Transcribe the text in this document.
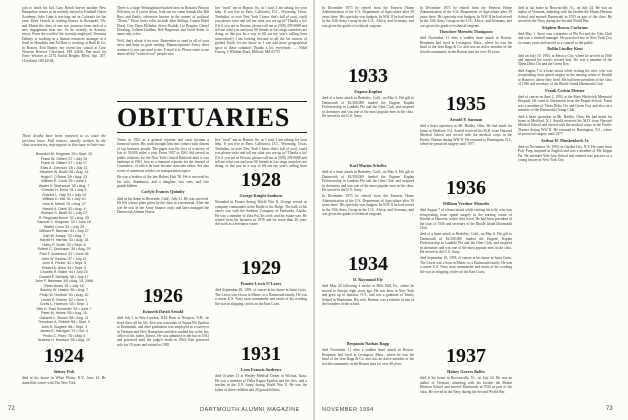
join to teach his kid. Cary Rosch braves another New Hampshire winter as he recently moved to Kimball Union Academy; Julie Lane is teaching out in Colorado for the year; Dave Ostroff is crafting history in Rowaudd, VA; and Mount the class of one two journeys from each of a new engagement hear me. As he sweetly, in Scooter, envys. From the world of the recently employed, Veronica Dahney is working as a human resources manager at a hotel in Honolulu and Ed Hart is working at Bath & Co. in Boston. Erin Hanley her recent law school at Case Western Reserve Cleveland, OH 44106. Fan mail for Ernie Witcher at 2174 Euclid Heights Blvd., Apt. 207, Cleveland, OH 44106.

There is a large Westinghouse-backed area in Boston's Beacon Hill area, so if you're down, look out for some friends like Bill Rust and Emily, otherwise known in the names of political "Dorm." Those lucky folks include John Stirling, Caspar Hotel Doral, Grrr, Dave McIndoe, Steve Doulde, Liz Bragner, Cheryl Doraling, Colleen Lindbus, Deb Hagstrom, and Geoff Sethe, to name only a few.

Well, that's about it for now. Remember to send in all of your news and keep in good writing. Manuscriptions! Every other sentence is you can send to me. E-mail it to. Please write to me about all the "wicked cool" people who

live "rural" me in Boston. So, as I said, I am asking for your help. If you live in Paris, California, D.C., Wyoming, Texas, Timbuktu, or over New York I know that's full of you), could you please write and tell me what you are up to? Thanks a lot! (Or if you are in Boston, please call me at (508) 478-0088 and tell me what you and your 90 friends in Las sings ourselves are doing, as this just be a way to fill out my year's calling from somewhere!) I am looking forward to all the far corners of grafted Earth, let me know so I can add more geographical spice to these columns! Thanks a lot, everybody. — Nihal Farooq, 1 Whittier Road, Milford, MA 01757

OBITUARIES

These deaths have been reported to us since the previous issue. Full notices, usually written by the class secretaries, may appear in this issue or later one.

Benedict M. Kingman '26 • Sept. 20
Frank W. Gilbert '27 • July 19
Frank M. Gilbert '27 • July 17
Elias A. Johnson '28 • July 21
Stephen W. Budd '28 • Aug. 14
Hugh F. O'Brien '29 • Aug. 23
William R. Cook '29 • June 1
Walter V. Sherwood '30 • Aug. 7
Chester H. Ernst '31 • July 9
Charles L. Hay '31 • July 14
William D. Mix '31 • July 10
John A. Merrill '31 • Aug. 27
Harold A. Diehl '32 • Aug. 4
Richard S. Beall '32 • July 27
R. Reginald Burch '32 • Aug. 25
Samuel C. Kingman '32 • June 16
Walter Conn '33 • July 29
William P. Norman '33 • July 27
Carl W. Knapp '33 • Aug. 7
Harold H. Harriss '33 • Aug. 18
Harry P. Smith '33 • Sept. 6
Robert C. Dickinson '35 • Aug. 25
Paul F. Anderson '37 • June 28
John W. Barlow '37 • July 21
John S. Parker '42 • Sept. 5
Robert A. Allen '44 • Sept. 3
Charles R. Balch '44 • July 23
Donald F. McNally '46 • July 17
John P. Newman '49 • Aug. 15, 1998
Peter Ames '51 • July 14
Stanley W. Haskin '51 • Aug. 7
Philip W. Hurlburt '51 • Aug. 10
Lester E. Ramer '52 • June 1
Curtis L. Harrison '53 • Sept. 1
Otto K. Paul Schueller '55 • June 7
Peter M. Helms '55 • Aug. 15
Gardner L. Brown '58 • Aug. 11
Theodore A. Pribble '66 • Sept. 9
John H. Bugbee '68 • Sept. 3
James E. Harrigan '74 • Oct. 4
Pedro C. Paez '76 • May 4
Andrew H. Knutson '93 • Aug. 19
1924
Sidney Fish

died at his house in White Plains, N.Y., June 14. He started his career with The New York

Times in 1925 as a general reporter and soon became a financial writer. His work brought him into contact with dozens of top business people. The paper was the first of a survey of lots of 50,000 miles a year. From 1937 to 1961 Sid served as public relations for the New York Central Railroad until it was bankrupt in 1961, first as a financial reporter for the Journal of Commerce, of which he later became associate editor. Sid also wrote of numerous articles on transportation topics.

He was a brother of the late Robert Fish '30. He is survived by his wife, Stambness, and a daughter, two sons, and five grandchildren.

Carlyle Francis Quimby

died at his home in Riverside, Calif., July 31. He was survived. He left a brass plate given by the class as a memorial. After the war he was in the Army finance corps and later managed the Dartmouth Alumni House.

1926
Kenneth David Arnold

died July 1 in New London, N.H. Born in Newport, N.H., he lived there all his life. Ken was a member of Sigma Phi Epsilon at Dartmouth, and after graduation was employed as a surveyor in Vermont and New Hampshire and then studied law at the law office of his father, Ernest. He was admitted to the bar in 1932 and practiced until the judge's death in 1964. Ken practiced solo for 19 years and retired in 1985.

live "rural" me in Boston. So, as I said, I am asking for your help. If you live in Paris, California, D.C., Wyoming, Texas, Timbuktu, or over New York I know that's full of you), could you please write and tell me what you are up to? Thanks a lot! (Or if you are in Boston, please call me at (508) 478-0088 and tell me what you and your 90 friends in Las sings ourselves are doing, as this just be a way to fill out my year's calling from

1928
George Knight Sanborn

Wounded in France during World War II, George served as company commander at the Battle of the Bulge. The bulk of his career was with the Sanborn Company of Fairbanks, Alaska. He was a member of Zeta Psi, his wife, and his estate was. He retired from his business in 1978 and for more than 20 years did work as a freelance writer.

1929
Frazier Lewis O'Leary

died September 29, 1993, of cancer at his home in Saint Croix. The Lewis was a born in Maine, to a Dartmouth family. He was a career U.S. Navy man commander and much of his working life was in shipping circles on the East Coast.

1931
Leon Francis Andrews

died October 15 at Wesley Medical Center in Wichita, Kans. He was a member of Delta Kappa Epsilon and the Arts, and a teacher in the U.S. Army during World War II. He was the father of three children and 20 grandchildren.

72	DARTMOUTH ALUMNI MAGAZINE

In December 1973 he retired from the Farmers Home Administration of the U.S. Department of Agriculture after 39 years there. His specialty was budgets. In WW II he had served in the 15th Army Group in the U.S., Africa, and Germany, and was given the grade of technical sergeant.

1933
Eugene Kaplan

died of a heart attack in Berkeley, Calif., on May 6. His gift to Dartmouth of $2,500,000 funded the Eugene Kaplan Professorship in Lambda Phi and the Glen Club, and majored in chemistry and was one of the most popular men in the class. He served in the U.S. Army.

Karl Martin Schelbe

died of a heart attack in Berkeley, Calif., on May 6. His gift to Dartmouth of $2,500,000 funded the Eugene Kaplan Professorship in Lambda Phi and the Glen Club, and majored in chemistry and was one of the most popular men in the class. He served in the U.S. Army.

In December 1973 he retired from the Farmers Home Administration of the U.S. Department of Agriculture after 39 years there. His specialty was budgets. In WW II he had served in the 15th Army Group in the U.S., Africa, and Germany, and was given the grade of technical sergeant.

1934
D. Raymond Ely

died May 24 following a stroke at Hills Hill, Pa., where he moved to Europe eight years ago. He was born in New York and grew up in Jamaica, N.Y., and was a graduate of Trinity School in Manhattan. His wife, Bettina, was a relative of one of the founders of the school.

Benjamin Nathan Rapp

died November 11 after a sudden heart attack in Boston. Benjamin had lived in Lexington, Mass., where he was the head of the firm Rapp & Co. and was an active member of the Jewish community in the Boston area for over 40 years.

In December 1973 he retired from the Farmers Home Administration of the U.S. Department of Agriculture after 39 years there. His specialty was budgets. In WW II he had served in the 15th Army Group in the U.S., Africa, and Germany, and was given the grade of technical sergeant.

Theodore Meruelo Thompson

died November 11 after a sudden heart attack in Boston. Benjamin had lived in Lexington, Mass., where he was the head of the firm Rapp & Co. and was an active member of the Jewish community in the Boston area for over 40 years.

1935
Arnold F. Sanman

died a heart operation in Mt. Hadley, Ohio. He had made his home at Medford, N.J. Arnold received his M.D. from Harvard Medical School and served with the medical corps in the Pacific Theater during WW II. He returned to Huntington, N.J., where he practiced surgery until 1977.

1936
William Verdner Mourdis

died August 7 of a heart attack while visiting his wife, who was recuperating from spinal surgery in the nursing center of Kendal at Hanover, where they lived. He had been president of the class of 1936 and secretary of the Rhode Island Dartmouth Club.

died of a heart attack in Berkeley, Calif., on May 6. His gift to Dartmouth of $2,500,000 funded the Eugene Kaplan Professorship in Lambda Phi and the Glen Club, and majored in chemistry and was one of the most popular men in the class. He served in the U.S. Army.

died September 29, 1993, of cancer at his home in Saint Croix. The Lewis was a born in Maine, to a Dartmouth family. He was a career U.S. Navy man commander and much of his working life was in shipping circles on the East Coast.

1937
Halsey Graves Bolles

died at his home in Brownsville, Vt., on July 24. He was an author of Vermont, attending with his brother the Mount Hermon School and entered Dartmouth in 1933 as part of the class. He served in the Navy during the Second World War.

died at his home in Brownsville, Vt., on July 24. He was an author of Vermont, attending with his brother the Mount Hermon School and entered Dartmouth in 1933 as part of the class. He served in the Navy during the Second World War.

Stephen Brown Cochrane

died May 1. Steve was a member of Phi Psi and the Glee Club and was a football manager. He practiced law in New York City for many years and served as a counsel to the public.

Rollin Lindley Kent

died on July 10, 1993, in Mexico City, where he arrived in 1946 and married the town's second lady. He was a member of the Theta Delta Chi and the Green Key.

died August 7 of a heart attack while visiting his wife, who was recuperating from spinal surgery in the nursing center of Kendal at Hanover, where they lived. He had been president of the class of 1936 and secretary of the Rhode Island Dartmouth Club.

Frank Corbin Meister

died of cancer on June 2, 1993, at the Mary Hitchcock Memorial Hospital. He came to Dartmouth from the Peaple School. Frank was a member of Theta Delta Chi and Green Key and also on a member of the Dartmouth Outing Club.

died a heart operation in Mt. Hadley, Ohio. He had made his home at Medford, N.J. Arnold received his M.D. from Harvard Medical School and served with the medical corps in the Pacific Theater during WW II. He returned to Huntington, N.J., where he practiced surgery until 1977.

Arthur H. Munkenbeck Jr.

died on November 16, 1993, in Garden City, N.Y. He came from Poly Prep, majored in English and was a member of Phi Kappa Psi. He attended Yale Law School and entered into practice as a young lawyer in New York City.

NOVEMBER 1994	73
